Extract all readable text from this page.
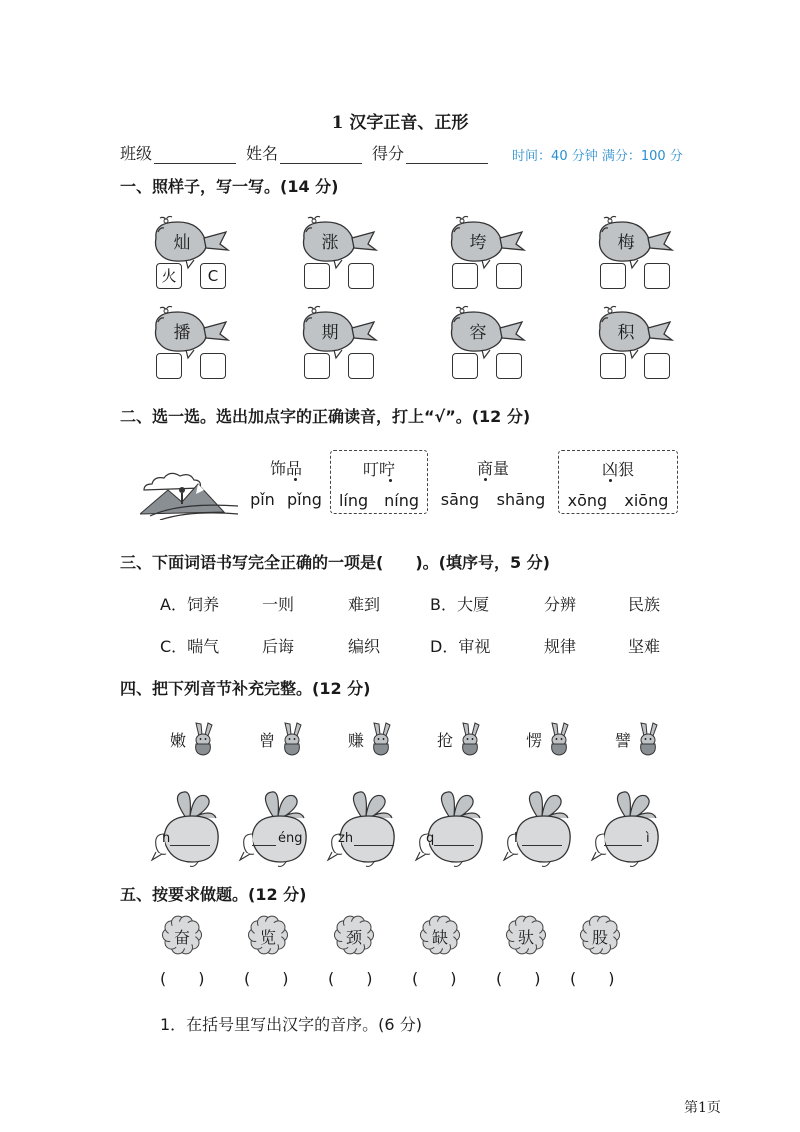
1 汉字正音、正形
班级	姓名	得分	时间：40 分钟 满分：100 分
一、照样子，写一写。(14 分)
灿
火	C
涨	垮	梅
播	期	容	积
二、选一选。选出加点字的正确读音，打上“√”。(12 分)
饰品
pǐn pǐng
叮咛
líng níng
商量
sāng shāng
凶狠
xōng xiōng
三、下面词语书写完全正确的一项是(　　)。(填序号，5 分)
A．饲养	一则	难到	B．大厦	分辨	民族
C．喘气	后诲	编织	D．审视	规律	坚难
四、把下列音节补充完整。(12 分)
嫩	曾	赚	抢	愣	譬
n	éng	zh	q	l	ì
五、按要求做题。(12 分)
奋
(　　)
览
(　　)
颈
(　　)
缺
(　　)
驮
(　　)
股
(　　)
1．在括号里写出汉字的音序。(6 分)
第1页
